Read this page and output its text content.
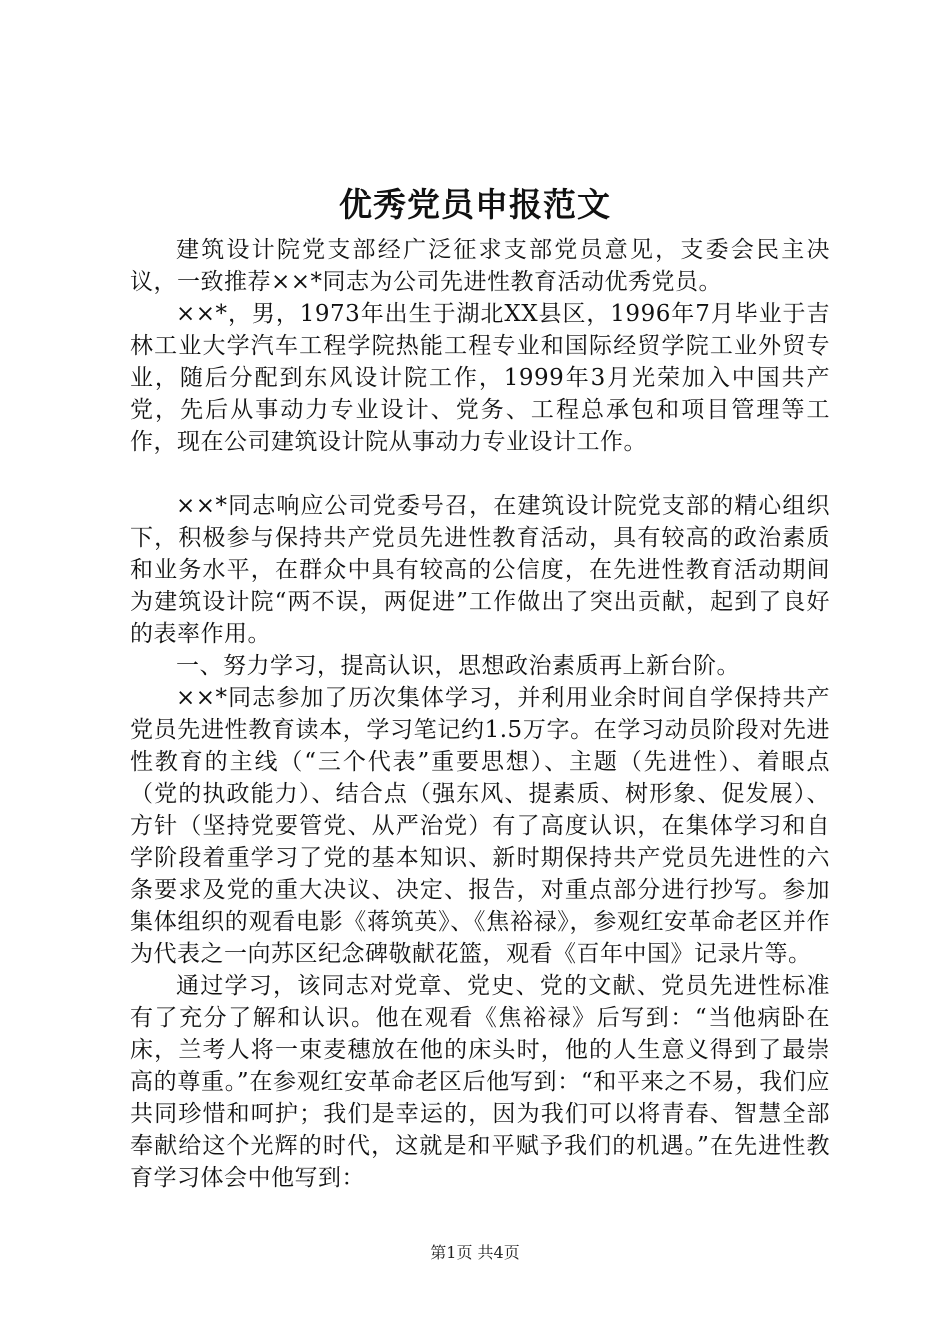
优秀党员申报范文

建筑设计院党支部经广泛征求支部党员意见，支委会民主决议，一致推荐××*同志为公司先进性教育活动优秀党员。

××*，男，1973年出生于湖北XX县区，1996年7月毕业于吉林工业大学汽车工程学院热能工程专业和国际经贸学院工业外贸专业，随后分配到东风设计院工作，1999年3月光荣加入中国共产党，先后从事动力专业设计、党务、工程总承包和项目管理等工作，现在公司建筑设计院从事动力专业设计工作。

××*同志响应公司党委号召，在建筑设计院党支部的精心组织下，积极参与保持共产党员先进性教育活动，具有较高的政治素质和业务水平，在群众中具有较高的公信度，在先进性教育活动期间为建筑设计院“两不误，两促进”工作做出了突出贡献，起到了良好的表率作用。

一、努力学习，提高认识，思想政治素质再上新台阶。

××*同志参加了历次集体学习，并利用业余时间自学保持共产党员先进性教育读本，学习笔记约1.5万字。在学习动员阶段对先进性教育的主线（“三个代表”重要思想）、主题（先进性）、着眼点（党的执政能力）、结合点（强东风、提素质、树形象、促发展）、方针（坚持党要管党、从严治党）有了高度认识，在集体学习和自学阶段着重学习了党的基本知识、新时期保持共产党员先进性的六条要求及党的重大决议、决定、报告，对重点部分进行抄写。参加集体组织的观看电影《蒋筑英》、《焦裕禄》，参观红安革命老区并作为代表之一向苏区纪念碑敬献花篮，观看《百年中国》记录片等。

通过学习，该同志对党章、党史、党的文献、党员先进性标准有了充分了解和认识。他在观看《焦裕禄》后写到：“当他病卧在床，兰考人将一束麦穗放在他的床头时，他的人生意义得到了最崇高的尊重。”在参观红安革命老区后他写到：“和平来之不易，我们应共同珍惜和呵护；我们是幸运的，因为我们可以将青春、智慧全部奉献给这个光辉的时代，这就是和平赋予我们的机遇。”在先进性教育学习体会中他写到：

第1页 共4页
